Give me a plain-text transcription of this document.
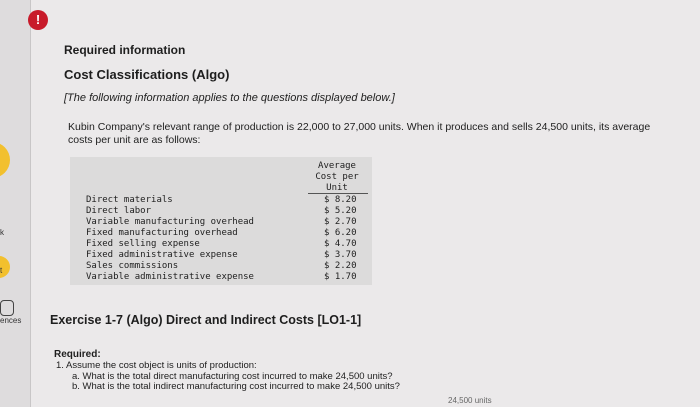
k
t
ences
!
Required information
Cost Classifications (Algo)
[The following information applies to the questions displayed below.]
Kubin Company's relevant range of production is 22,000 to 27,000 units. When it produces and sells 24,500 units, its average costs per unit are as follows:
Average
Cost per
Unit
Direct materials	$ 8.20
Direct labor	$ 5.20
Variable manufacturing overhead	$ 2.70
Fixed manufacturing overhead	$ 6.20
Fixed selling expense	$ 4.70
Fixed administrative expense	$ 3.70
Sales commissions	$ 2.20
Variable administrative expense	$ 1.70
Exercise 1-7 (Algo) Direct and Indirect Costs [LO1-1]
Required:
1. Assume the cost object is units of production:
a. What is the total direct manufacturing cost incurred to make 24,500 units?
b. What is the total indirect manufacturing cost incurred to make 24,500 units?
24,500 units
